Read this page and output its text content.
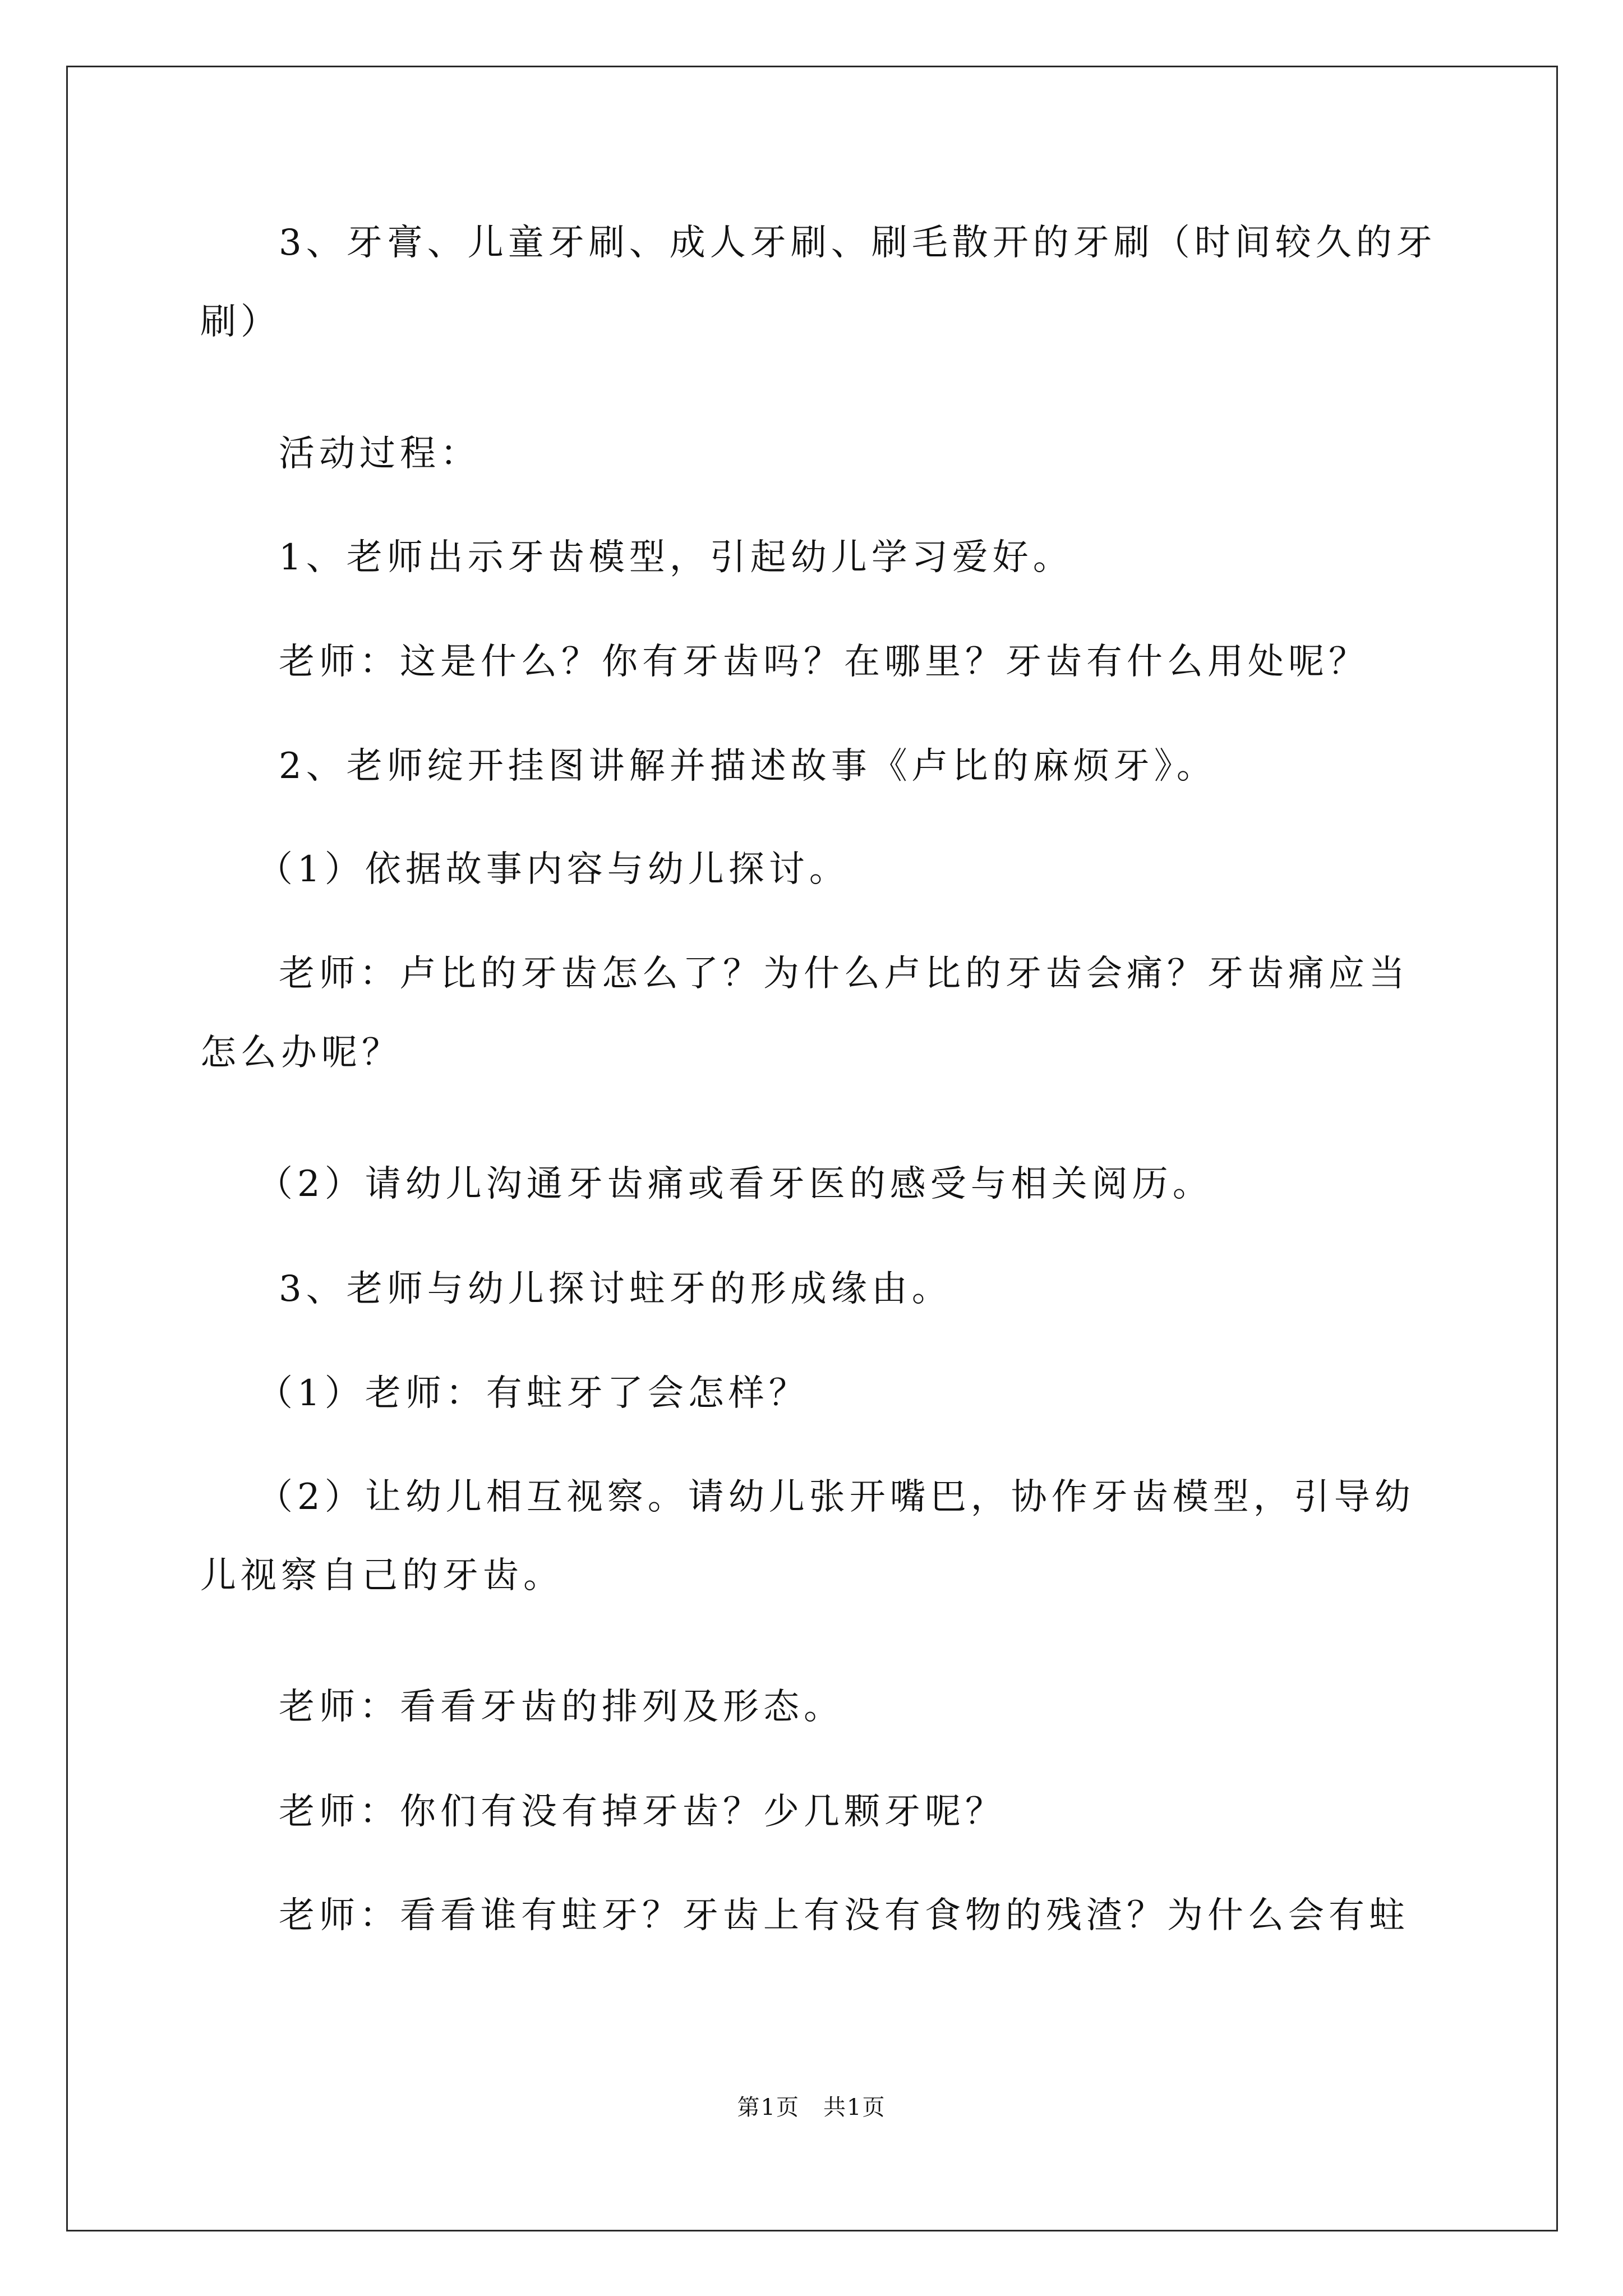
3、牙膏、儿童牙刷、成人牙刷、刷毛散开的牙刷（时间较久的牙
刷）
活动过程：
1、老师出示牙齿模型，引起幼儿学习爱好。
老师：这是什么？你有牙齿吗？在哪里？牙齿有什么用处呢？
2、老师绽开挂图讲解并描述故事《卢比的麻烦牙》。
（1）依据故事内容与幼儿探讨。
老师：卢比的牙齿怎么了？为什么卢比的牙齿会痛？牙齿痛应当
怎么办呢？
（2）请幼儿沟通牙齿痛或看牙医的感受与相关阅历。
3、老师与幼儿探讨蛀牙的形成缘由。
（1）老师：有蛀牙了会怎样？
（2）让幼儿相互视察。请幼儿张开嘴巴，协作牙齿模型，引导幼
儿视察自己的牙齿。
老师：看看牙齿的排列及形态。
老师：你们有没有掉牙齿？少几颗牙呢？
老师：看看谁有蛀牙？牙齿上有没有食物的残渣？为什么会有蛀
第1页　共1页
